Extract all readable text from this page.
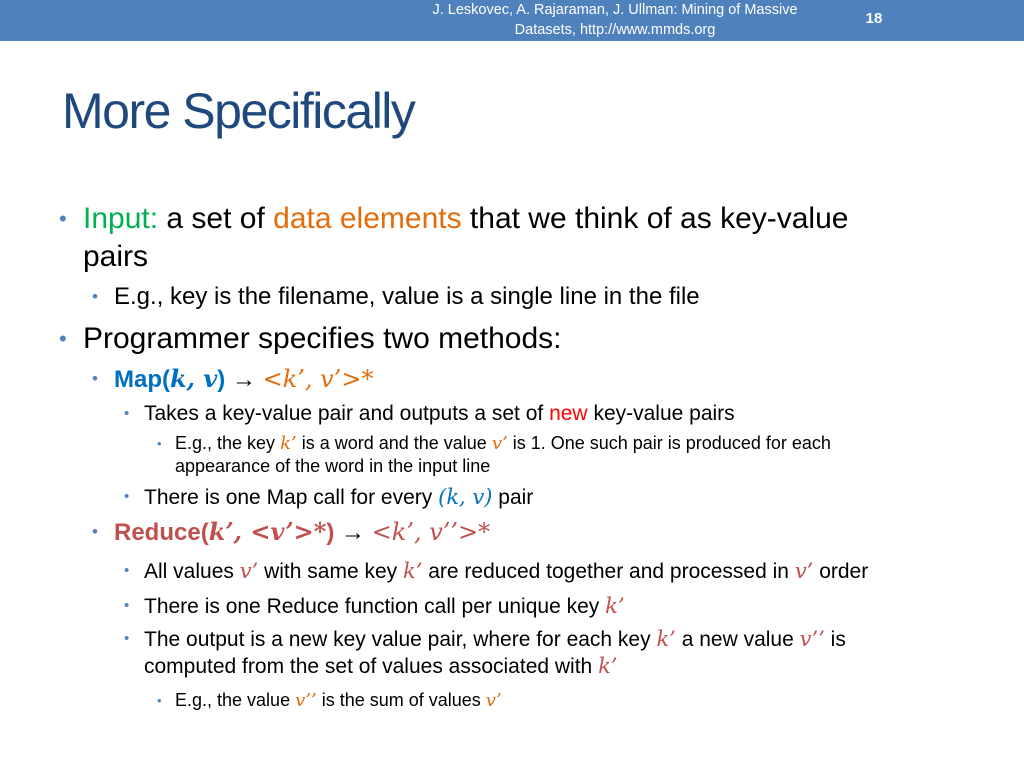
J. Leskovec, A. Rajaraman, J. Ullman: Mining of Massive
Datasets, http://www.mmds.org
18
More Specifically
• Input: a set of data elements that we think of as key-value
pairs
• E.g., key is the filename, value is a single line in the file
• Programmer specifies two methods:
• Map(k, v) → <k’, v’>*
• Takes a key-value pair and outputs a set of new key-value pairs
• E.g., the key k’ is a word and the value v’ is 1. One such pair is produced for each
appearance of the word in the input line
• There is one Map call for every (k, v) pair
• Reduce(k’, <v’>*) → <k’, v’’>*
• All values v’ with same key k’ are reduced together and processed in v’ order
• There is one Reduce function call per unique key k’
• The output is a new key value pair, where for each key k’ a new value v’’ is
computed from the set of values associated with k’
• E.g., the value v’’ is the sum of values v’
